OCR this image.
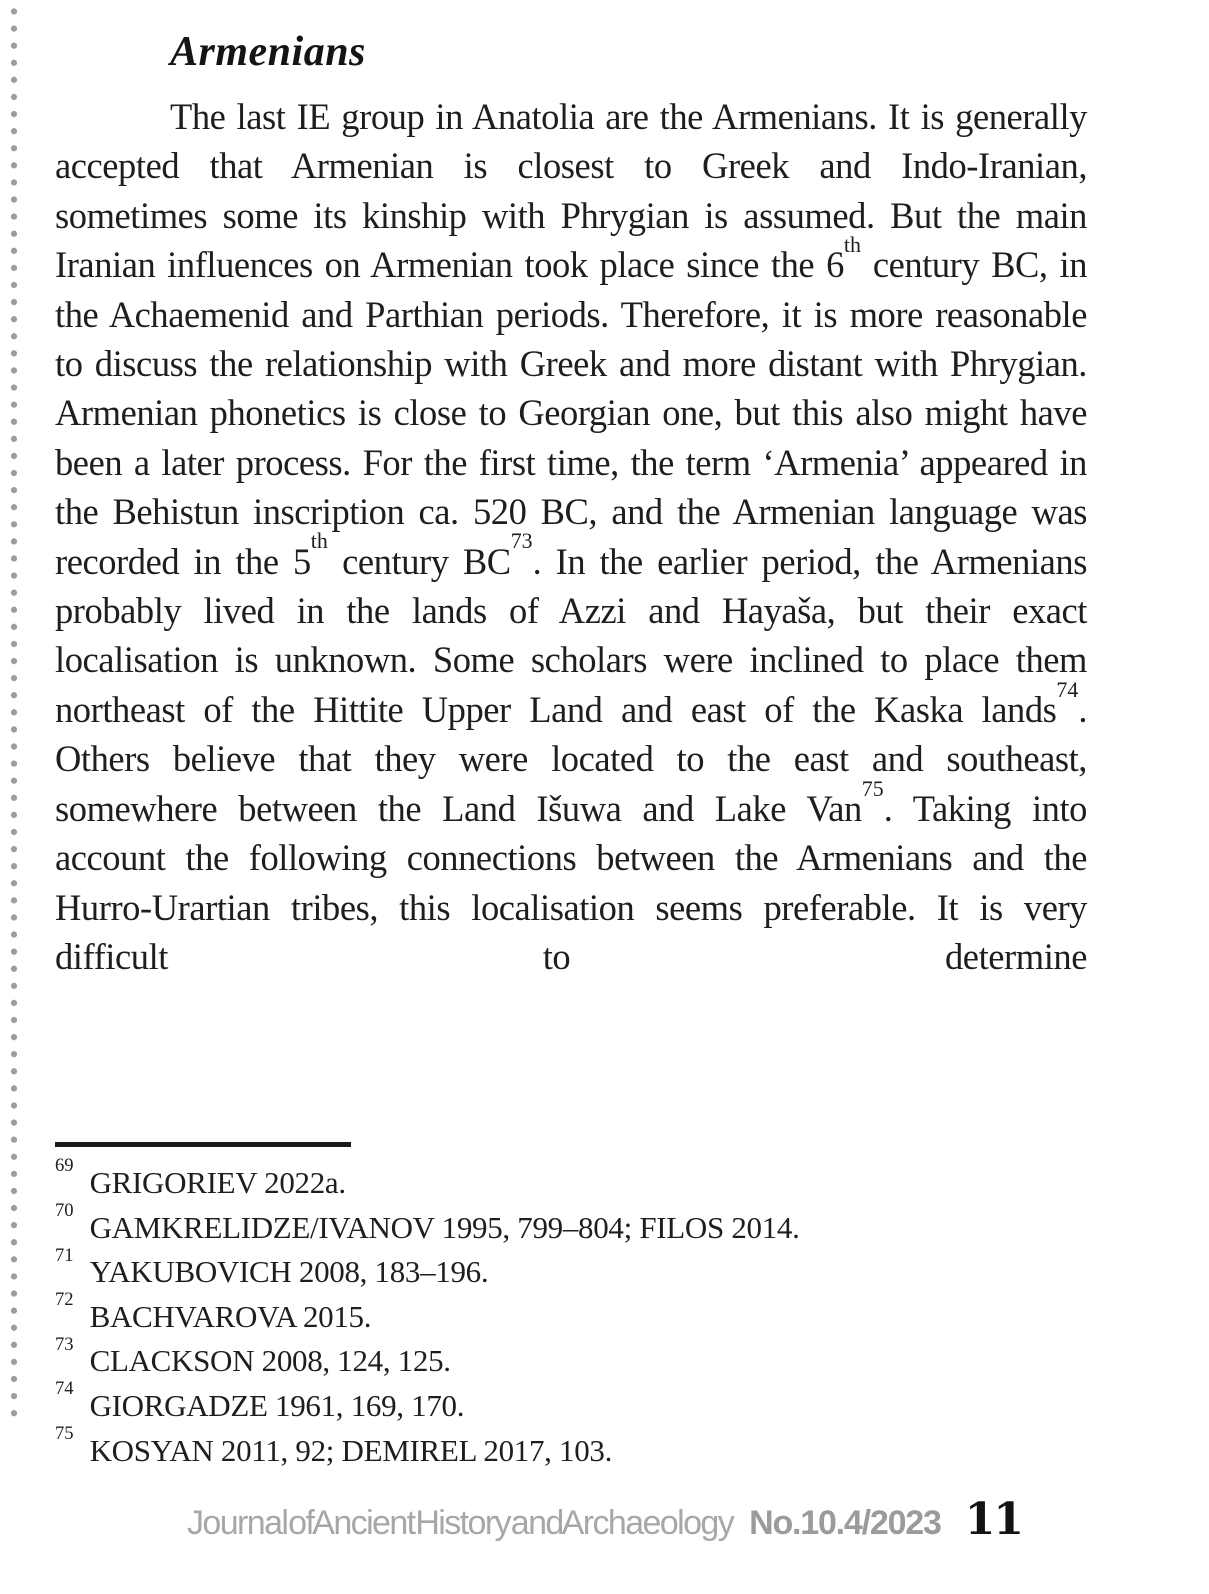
Armenians

The last IE group in Anatolia are the Armenians. It is generally accepted that Armenian is closest to Greek and Indo-Iranian, sometimes some its kinship with Phrygian is assumed. But the main Iranian influences on Armenian took place since the 6th century BC, in the Achaemenid and Parthian periods. Therefore, it is more reasonable to discuss the relationship with Greek and more distant with Phrygian. Armenian phonetics is close to Georgian one, but this also might have been a later process. For the first time, the term ‘Armenia’ appeared in the Behistun inscription ca. 520 BC, and the Armenian language was recorded in the 5th century BC$^{73}$. In the earlier period, the Armenians probably lived in the lands of Azzi and Hayaša, but their exact localisation is unknown. Some scholars were inclined to place them northeast of the Hittite Upper Land and east of the Kaska lands$^{74}$. Others believe that they were located to the east and southeast, somewhere between the Land Išuwa and Lake Van$^{75}$. Taking into account the following connections between the Armenians and the Hurro-Urartian tribes, this localisation seems preferable. It is very difficult to determine

$^{69}$ GRIGORIEV 2022a.
$^{70}$ GAMKRELIDZE/IVANOV 1995, 799–804; FILOS 2014.
$^{71}$ YAKUBOVICH 2008, 183–196.
$^{72}$ BACHVAROVA 2015.
$^{73}$ CLACKSON 2008, 124, 125.
$^{74}$ GIORGADZE 1961, 169, 170.
$^{75}$ KOSYAN 2011, 92; DEMIREL 2017, 103.
Journal of Ancient History and Archaeology No.10.4/2023 11
